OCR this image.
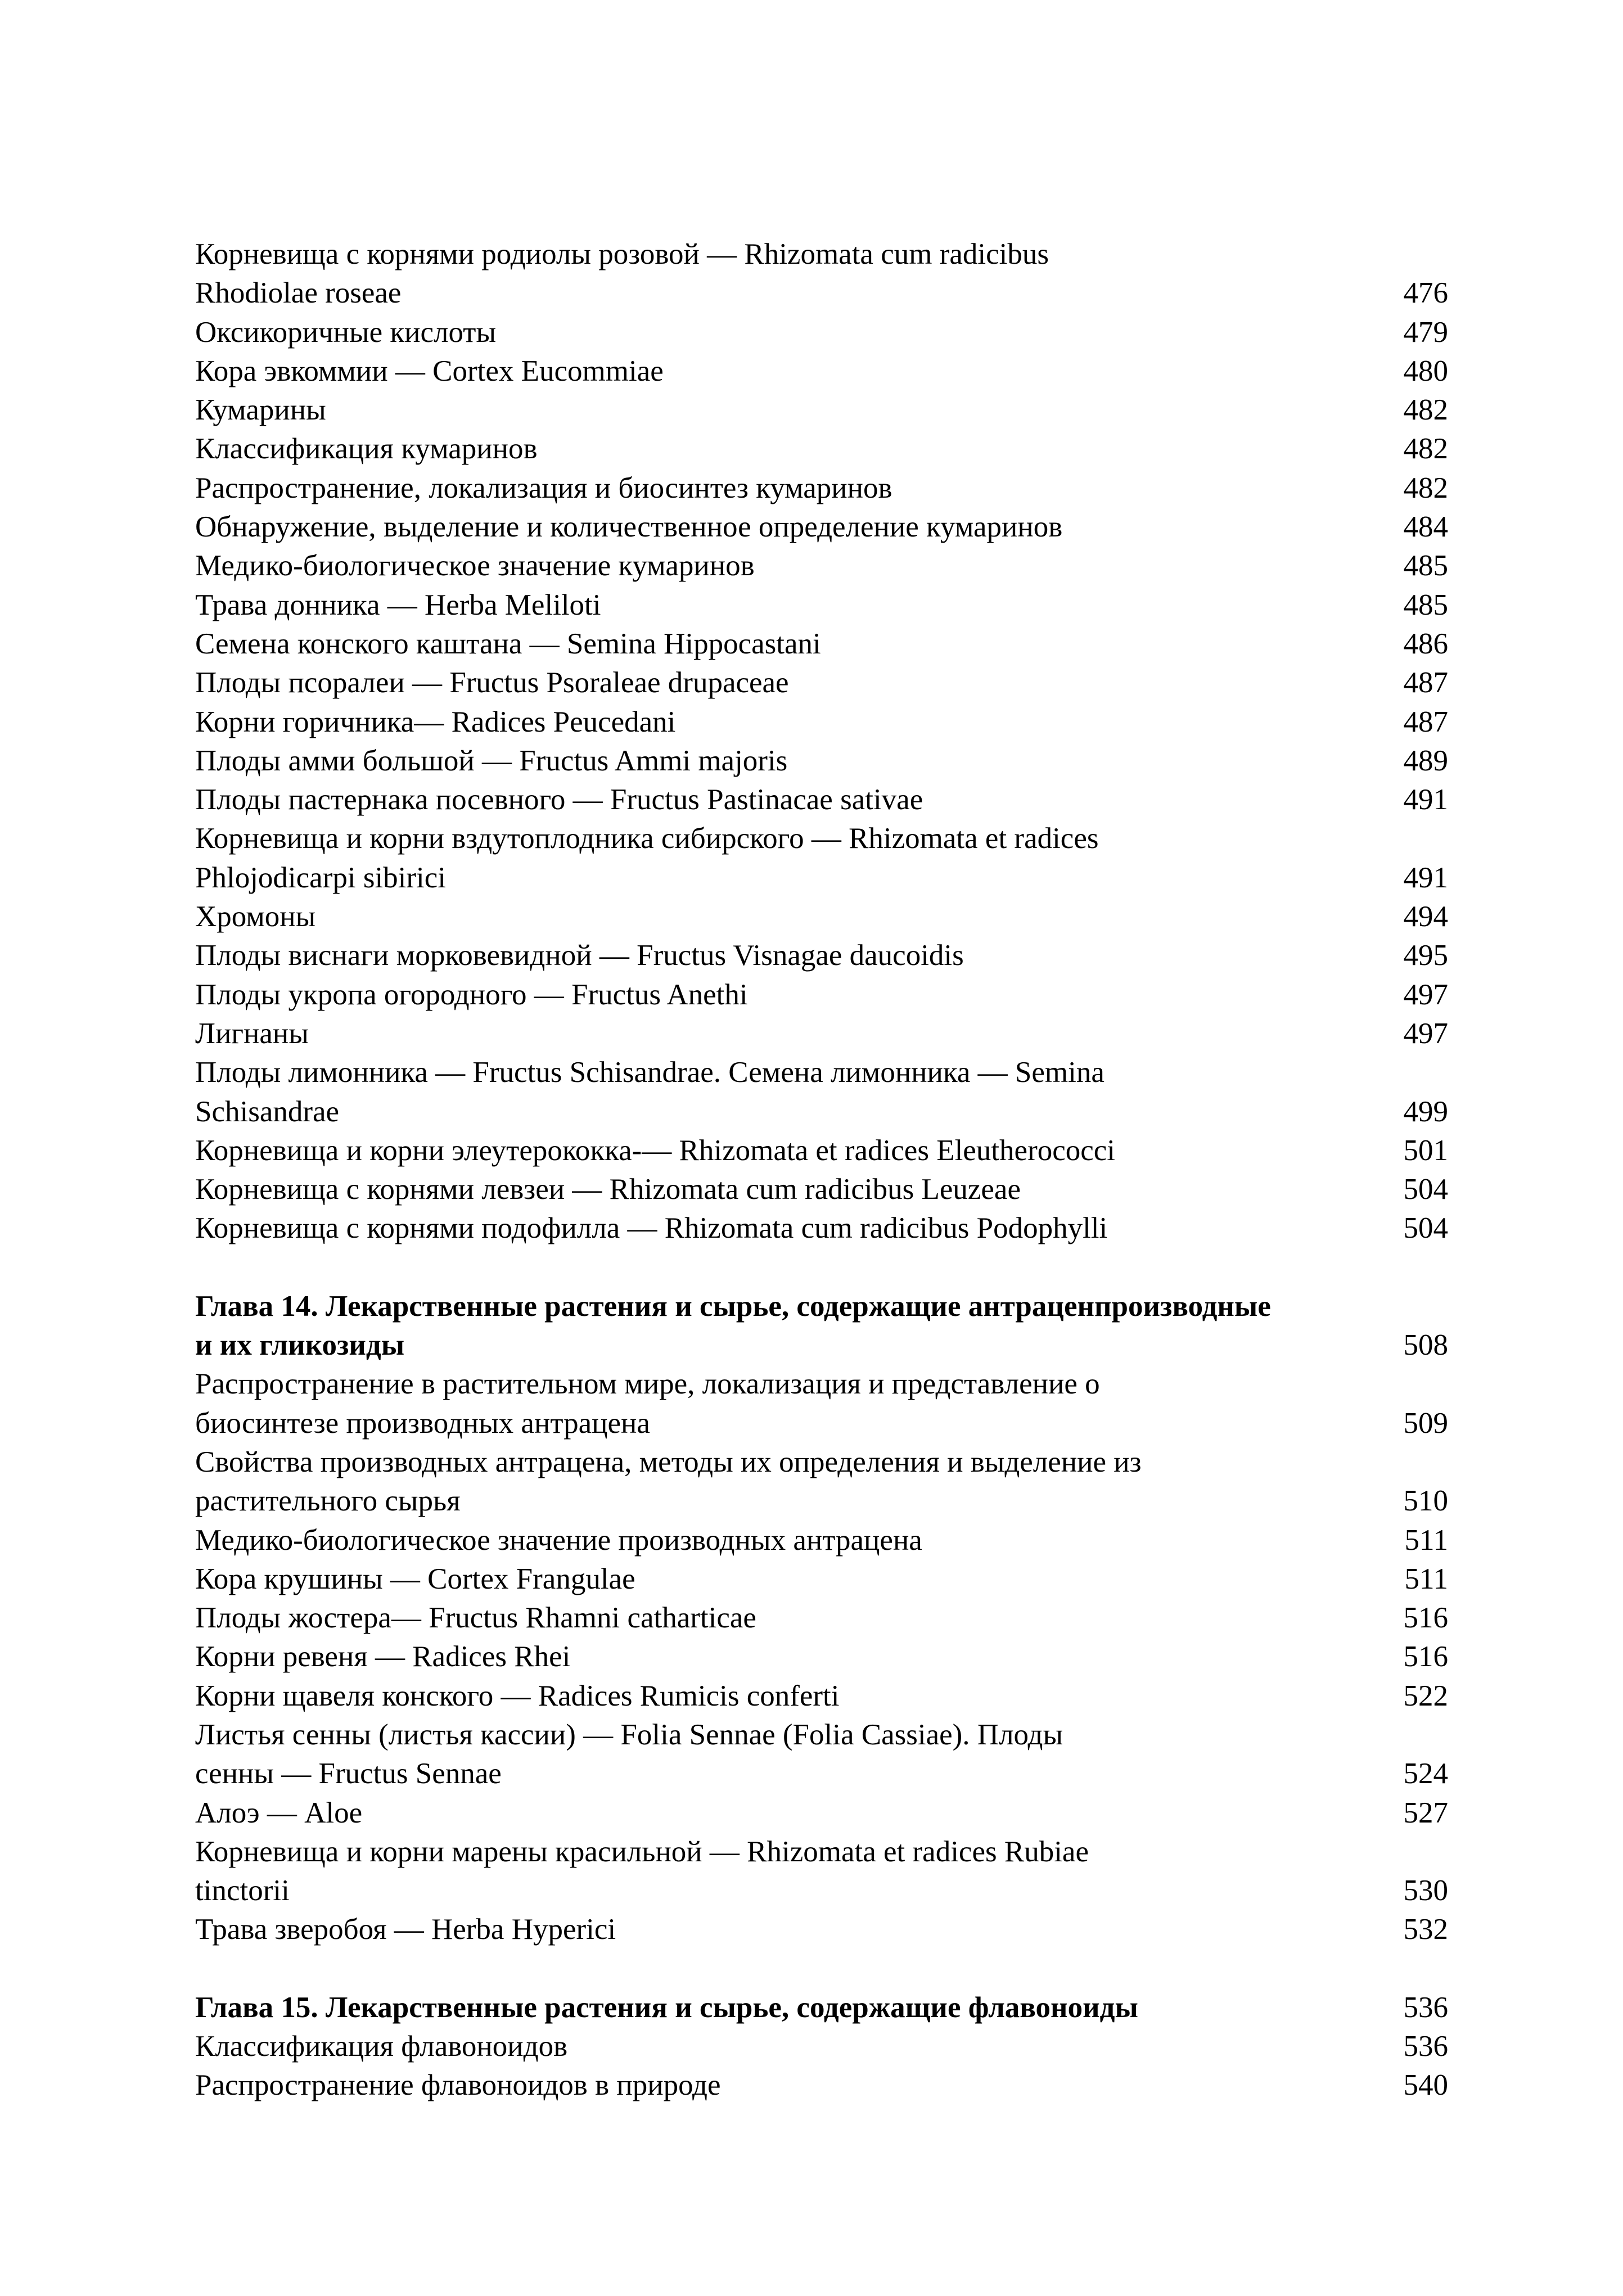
Корневища с корнями родиолы розовой — Rhizomata cum radicibus
Rhodiolae roseae	476
Оксикоричные кислоты	479
Кора эвкоммии — Cortex Eucommiae	480
Кумарины	482
Классификация кумаринов	482
Распространение, локализация и биосинтез кумаринов	482
Обнаружение, выделение и количественное определение кумаринов	484
Медико-биологическое значение кумаринов	485
Трава донника — Herba Meliloti	485
Семена конского каштана — Semina Hippocastani	486
Плоды псоралеи — Fructus Psoraleae drupaceae	487
Корни горичника— Radices Peucedani	487
Плоды амми большой — Fructus Ammi majoris	489
Плоды пастернака посевного — Fructus Pastinacae sativae	491
Корневища и корни вздутоплодника сибирского — Rhizomata et radices
Phlojodicarpi sibirici	491
Хромоны	494
Плоды виснаги морковевидной — Fructus Visnagae daucoidis	495
Плоды укропа огородного — Fructus Anethi	497
Лигнаны	497
Плоды лимонника — Fructus Schisandrae. Семена лимонника — Semina
Schisandrae	499
Корневища и корни элеутерококка-— Rhizomata et radices Eleutherococci	501
Корневища с корнями левзеи — Rhizomata cum radicibus Leuzeae	504
Корневища с корнями подофилла — Rhizomata cum radicibus Podophylli	504
Глава 14. Лекарственные растения и сырье, содержащие антраценпроизводные
и их гликозиды	508
Распространение в растительном мире, локализация и представление о
биосинтезе производных антрацена	509
Свойства производных антрацена, методы их определения и выделение из
растительного сырья	510
Медико-биологическое значение производных антрацена	511
Кора крушины — Cortex Frangulae	511
Плоды жостера— Fructus Rhamni catharticae	516
Корни ревеня — Radices Rhei	516
Корни щавеля конского — Radices Rumicis conferti	522
Листья сенны (листья кассии) — Folia Sennae (Folia Cassiae). Плоды
сенны — Fructus Sennae	524
Алоэ — Aloe	527
Корневища и корни марены красильной — Rhizomata et radices Rubiae
tinctorii	530
Трава зверобоя — Herba Hyperici	532
Глава 15. Лекарственные растения и сырье, содержащие флавоноиды	536
Классификация флавоноидов	536
Распространение флавоноидов в природе	540
